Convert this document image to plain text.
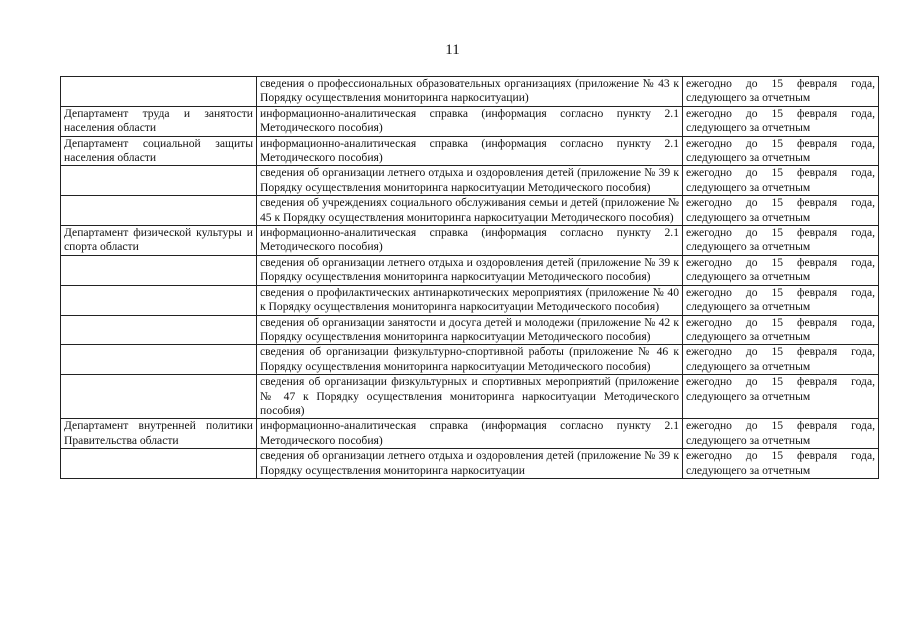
11
	сведения о профессиональных образовательных организациях (приложение № 43 к Порядку осуществления мониторинга наркоситуации)	ежегодно до 15 февраля года, следующего за отчетным
Департамент труда и занятости населения области	информационно-аналитическая справка (информация согласно пункту 2.1 Методического пособия)	ежегодно до 15 февраля года, следующего за отчетным
Департамент социальной защиты населения области	информационно-аналитическая справка (информация согласно пункту 2.1 Методического пособия)	ежегодно до 15 февраля года, следующего за отчетным
	сведения об организации летнего отдыха и оздоровления детей (приложение № 39 к Порядку осуществления мониторинга наркоситуации Методического пособия)	ежегодно до 15 февраля года, следующего за отчетным
	сведения об учреждениях социального обслуживания семьи и детей (приложение № 45 к Порядку осуществления мониторинга наркоситуации Методического пособия)	ежегодно до 15 февраля года, следующего за отчетным
Департамент физической культуры и спорта области	информационно-аналитическая справка (информация согласно пункту 2.1 Методического пособия)	ежегодно до 15 февраля года, следующего за отчетным
	сведения об организации летнего отдыха и оздоровления детей (приложение № 39 к Порядку осуществления мониторинга наркоситуации Методического пособия)	ежегодно до 15 февраля года, следующего за отчетным
	сведения о профилактических антинаркотических мероприятиях (приложение № 40 к Порядку осуществления мониторинга наркоситуации Методического пособия)	ежегодно до 15 февраля года, следующего за отчетным
	сведения об организации занятости и досуга детей и молодежи (приложение № 42 к Порядку осуществления мониторинга наркоситуации Методического пособия)	ежегодно до 15 февраля года, следующего за отчетным
	сведения об организации физкультурно-спортивной работы (приложение № 46 к Порядку осуществления мониторинга наркоситуации Методического пособия)	ежегодно до 15 февраля года, следующего за отчетным
	сведения об организации физкультурных и спортивных мероприятий (приложение № 47 к Порядку осуществления мониторинга наркоситуации Методического пособия)	ежегодно до 15 февраля года, следующего за отчетным
Департамент внутренней политики Правительства области	информационно-аналитическая справка (информация согласно пункту 2.1 Методического пособия)	ежегодно до 15 февраля года, следующего за отчетным
	сведения об организации летнего отдыха и оздоровления детей (приложение № 39 к Порядку осуществления мониторинга наркоситуации	ежегодно до 15 февраля года, следующего за отчетным
